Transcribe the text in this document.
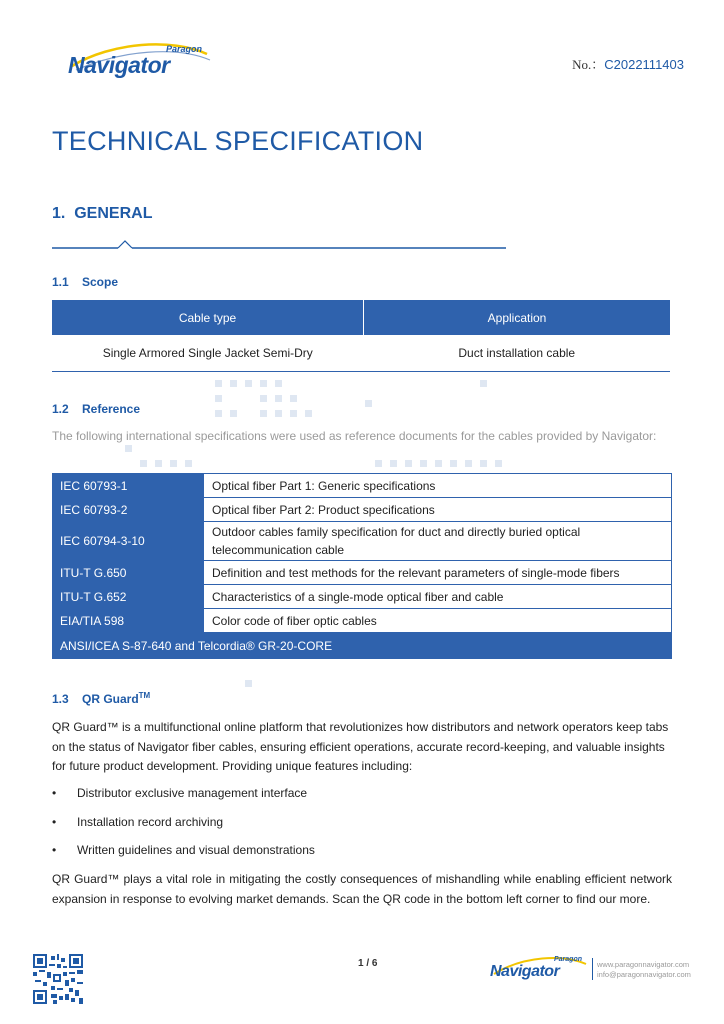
Paragon
Navigator	No.：C2022111403
TECHNICAL SPECIFICATION
1. GENERAL
1.1 Scope
Cable type	Application
Single Armored Single Jacket Semi-Dry	Duct installation cable
1.2 Reference
The following international specifications were used as reference documents for the cables provided by Navigator:
IEC 60793-1	Optical fiber Part 1: Generic specifications
IEC 60793-2	Optical fiber Part 2: Product specifications
IEC 60794-3-10	Outdoor cables family specification for duct and directly buried optical telecommunication cable
ITU-T G.650	Definition and test methods for the relevant parameters of single-mode fibers
ITU-T G.652	Characteristics of a single-mode optical fiber and cable
EIA/TIA 598	Color code of fiber optic cables
ANSI/ICEA S-87-640 and Telcordia® GR-20-CORE	
1.3 QR Guard™
QR Guard™ is a multifunctional online platform that revolutionizes how distributors and network operators keep tabs on the status of Navigator fiber cables, ensuring efficient operations, accurate record-keeping, and valuable insights for future product development. Providing unique features including:
• Distributor exclusive management interface
• Installation record archiving
• Written guidelines and visual demonstrations
QR Guard™ plays a vital role in mitigating the costly consequences of mishandling while enabling efficient network expansion in response to evolving market demands. Scan the QR code in the bottom left corner to find our more.
1 / 6	Paragon
Navigator	www.paragonnavigator.com
info@paragonnavigator.com
